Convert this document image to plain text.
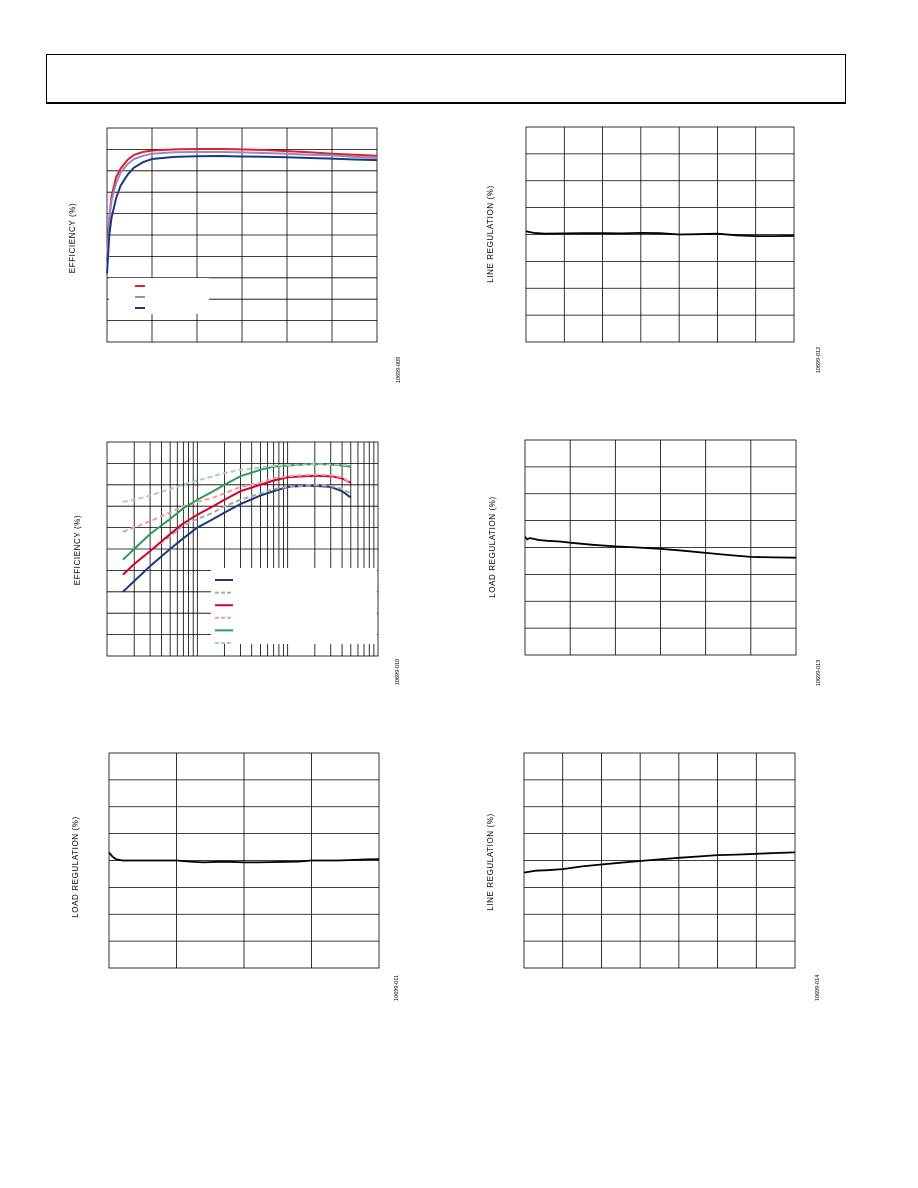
EFFICIENCY (%)
10699-009
LINE REGULATION (%)
10699-012
EFFICIENCY (%)
10699-010
LOAD REGULATION (%)
10699-013
LOAD REGULATION (%)
10699-011
LINE REGULATION (%)
10699-014
